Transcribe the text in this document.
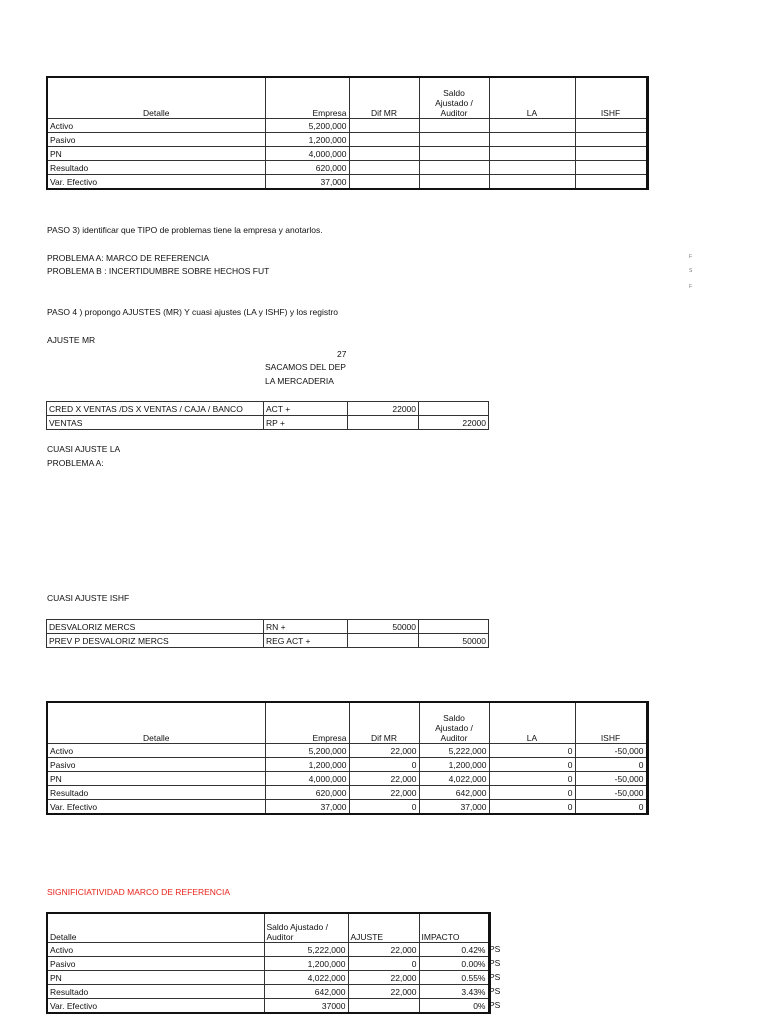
Detalle	Empresa	Dif MR	Saldo
Ajustado /
Auditor	LA	ISHF
Activo	5,200,000				
Pasivo	1,200,000				
PN	4,000,000				
Resultado	620,000				
Var. Efectivo	37,000				
PASO 3) identificar que TIPO de problemas tiene la empresa y anotarlos.
PROBLEMA A: MARCO DE REFERENCIA
PROBLEMA B : INCERTIDUMBRE SOBRE HECHOS FUT
F
S
F
PASO 4 ) propongo AJUSTES (MR) Y cuasi ajustes (LA y ISHF) y los registro
AJUSTE MR
27
SACAMOS DEL DEP
LA MERCADERIA
CRED X VENTAS /DS X VENTAS / CAJA / BANCO	ACT +	22000	
VENTAS	RP +		22000
CUASI AJUSTE LA
PROBLEMA A:
CUASI AJUSTE ISHF
DESVALORIZ MERCS	RN +	50000	
PREV P DESVALORIZ MERCS	REG ACT +		50000
Detalle	Empresa	Dif MR	Saldo
Ajustado /
Auditor	LA	ISHF
Activo	5,200,000	22,000	5,222,000	0	-50,000
Pasivo	1,200,000	0	1,200,000	0	0
PN	4,000,000	22,000	4,022,000	0	-50,000
Resultado	620,000	22,000	642,000	0	-50,000
Var. Efectivo	37,000	0	37,000	0	0
SIGNIFICIATIVIDAD MARCO DE REFERENCIA
Detalle	Saldo Ajustado /
Auditor	AJUSTE	IMPACTO
Activo	5,222,000	22,000	0.42%
Pasivo	1,200,000	0	0.00%
PN	4,022,000	22,000	0.55%
Resultado	642,000	22,000	3.43%
Var. Efectivo	37000		0%
PS
PS
PS
PS
PS
